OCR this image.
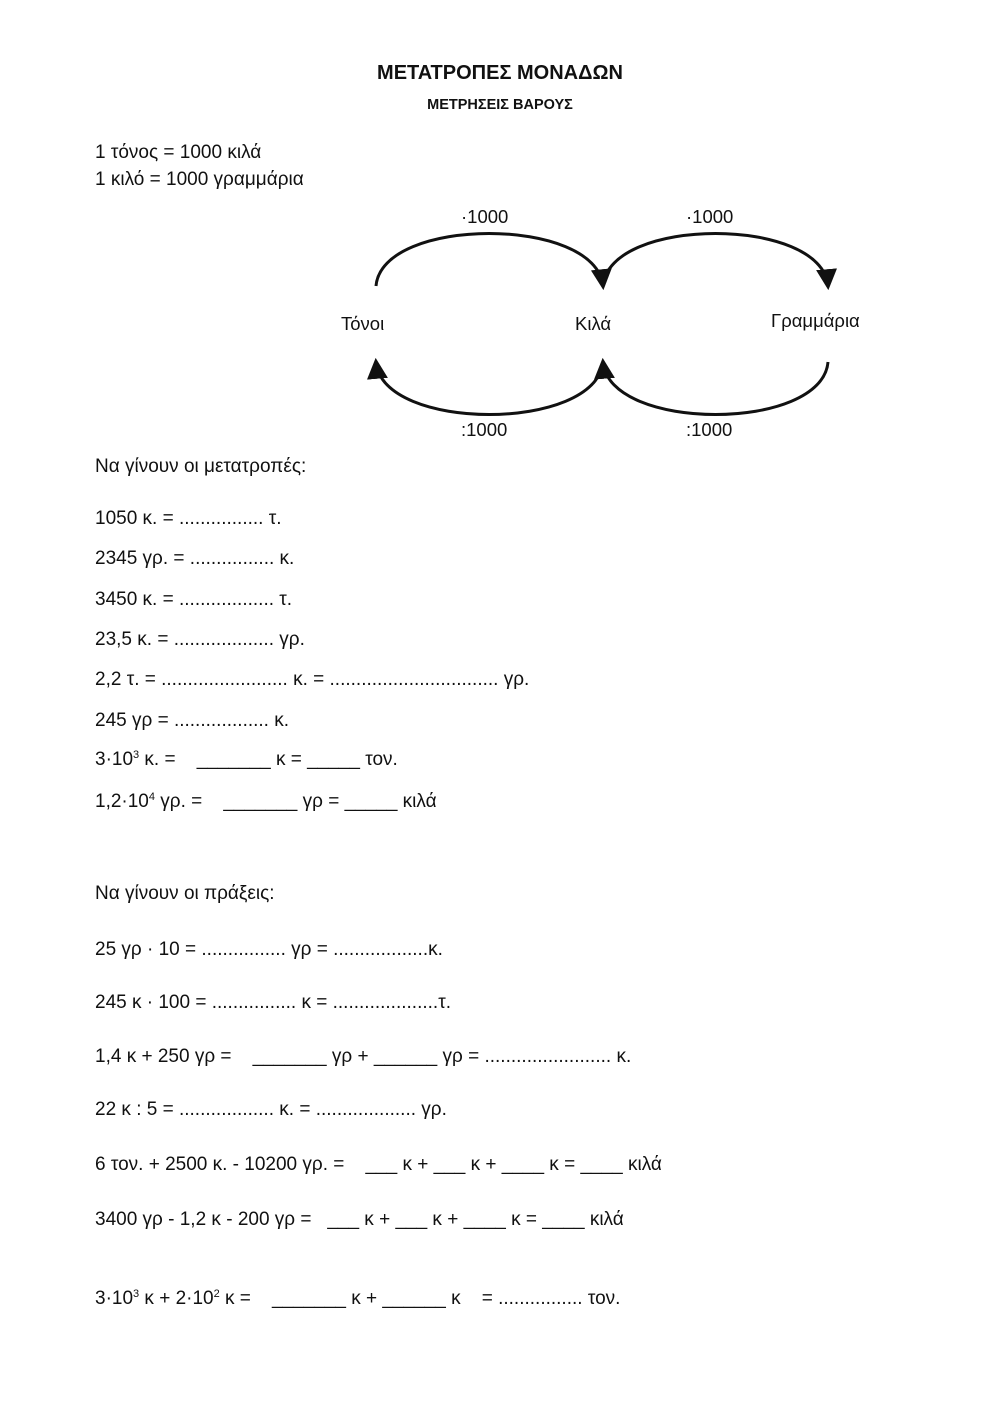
ΜΕΤΑΤΡΟΠΕΣ ΜΟΝΑΔΩΝ
ΜΕΤΡΗΣΕΙΣ ΒΑΡΟΥΣ
1 τόνος = 1000 κιλά
1 κιλό = 1000 γραμμάρια
·1000	·1000
Τόνοι	Κιλά	Γραμμάρια
:1000	:1000
Να γίνουν οι μετατροπές:
1050 κ. = ................ τ.
2345 γρ. = ................ κ.
3450 κ. = .................. τ.
23,5 κ. = ................... γρ.
2,2 τ. = ........................ κ. = ................................ γρ.
245 γρ = .................. κ.
$3\cdot 10^3$ κ. =    _______ κ = _____ τον.
$1,2\cdot 10^4$ γρ. =    _______ γρ = _____ κιλά
Να γίνουν οι πράξεις:
25 γρ · 10 = ................ γρ = ..................κ.
245 κ · 100 = ................ κ = ....................τ.
1,4 κ + 250 γρ =    _______ γρ + ______ γρ = ........................ κ.
22 κ : 5 = .................. κ. = ................... γρ.
6 τον. + 2500 κ. - 10200 γρ. =    ___ κ + ___ κ + ____ κ = ____ κιλά
3400 γρ - 1,2 κ - 200 γρ =   ___ κ + ___ κ + ____ κ = ____ κιλά
$3\cdot 10^3$ $\kappa + 2\cdot 10^2$ κ =    _______ κ + ______ κ    = ................ τον.
